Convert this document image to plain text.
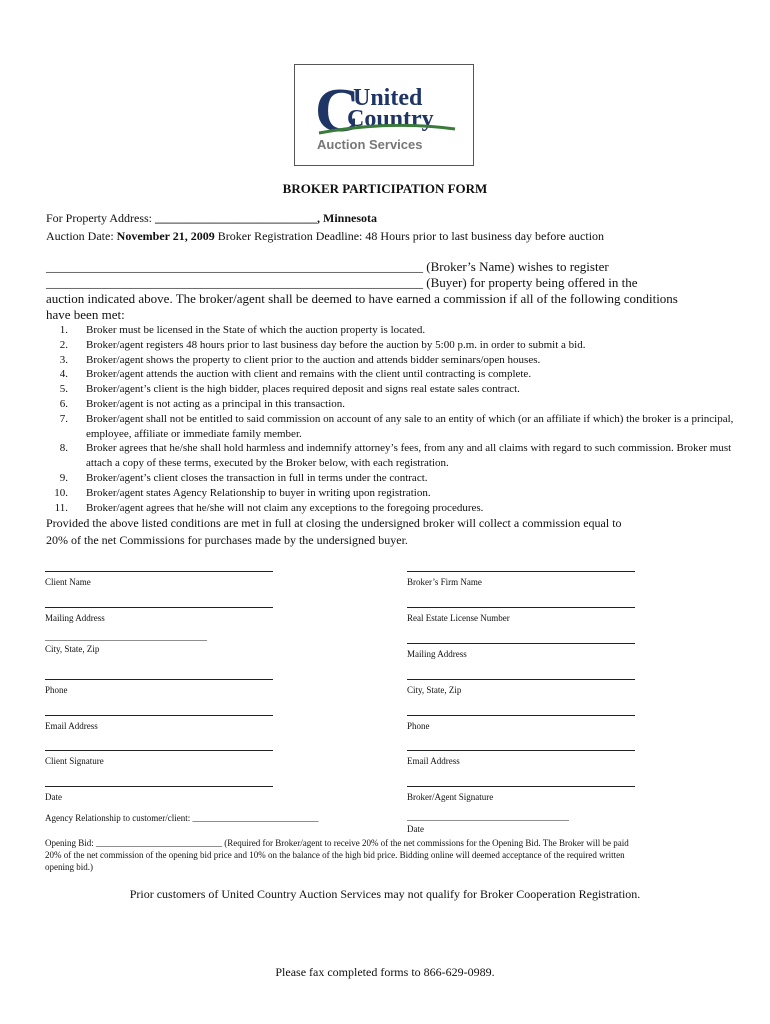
C
United
Country
Auction Services
BROKER PARTICIPATION FORM
For Property Address: ___________________________, Minnesota
Auction Date: November 21, 2009 Broker Registration Deadline: 48 Hours prior to last business day before auction
__________________________________________________________ (Broker’s Name) wishes to register
__________________________________________________________ (Buyer) for property being offered in the
auction indicated above. The broker/agent shall be deemed to have earned a commission if all of the following conditions
have been met:
1. Broker must be licensed in the State of which the auction property is located.
2. Broker/agent registers 48 hours prior to last business day before the auction by 5:00 p.m. in order to submit a bid.
3. Broker/agent shows the property to client prior to the auction and attends bidder seminars/open houses.
4. Broker/agent attends the auction with client and remains with the client until contracting is complete.
5. Broker/agent’s client is the high bidder, places required deposit and signs real estate sales contract.
6. Broker/agent is not acting as a principal in this transaction.
7. Broker/agent shall not be entitled to said commission on account of any sale to an entity of which (or an affiliate if which) the broker is a principal, employee, affiliate or immediate family member.
8. Broker agrees that he/she shall hold harmless and indemnify attorney’s fees, from any and all claims with regard to such commission. Broker must attach a copy of these terms, executed by the Broker below, with each registration.
9. Broker/agent’s client closes the transaction in full in terms under the contract.
10. Broker/agent states Agency Relationship to buyer in writing upon registration.
11. Broker/agent agrees that he/she will not claim any exceptions to the foregoing procedures.
Provided the above listed conditions are met in full at closing the undersigned broker will collect a commission equal to
20% of the net Commissions for purchases made by the undersigned buyer.
Client Name
Mailing Address
____________________________________
City, State, Zip
Phone
Email Address
Client Signature
Date
Broker’s Firm Name
Real Estate License Number
Mailing Address
City, State, Zip
Phone
Email Address
Broker/Agent Signature
____________________________________
Date
Agency Relationship to customer/client: ____________________________
Opening Bid: ____________________________ (Required for Broker/agent to receive 20% of the net commissions for the Opening Bid. The Broker will be paid
20% of the net commission of the opening bid price and 10% on the balance of the high bid price. Bidding online will deemed acceptance of the required written
opening bid.)
Prior customers of United Country Auction Services may not qualify for Broker Cooperation Registration.
Please fax completed forms to 866-629-0989.
